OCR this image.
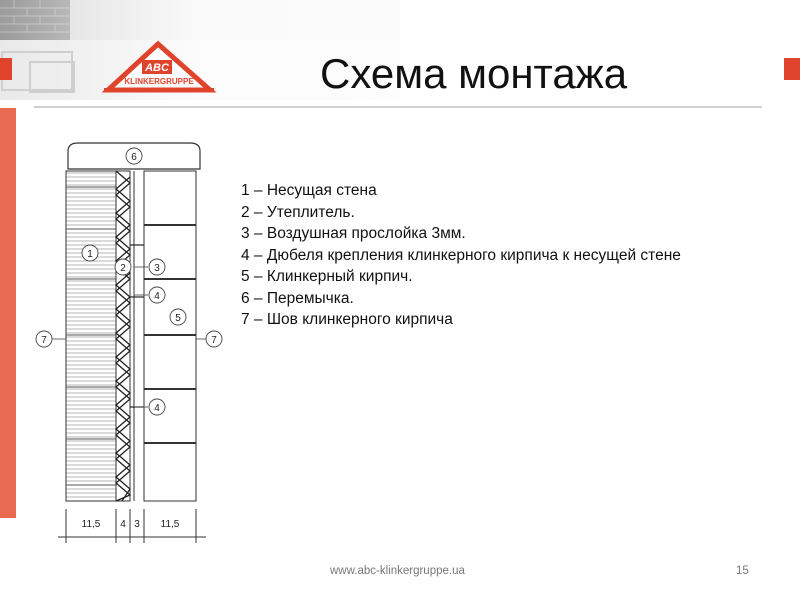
ABC
KLINKERGRUPPE	Схема монтажа
6
1
2	3
4
5
7	7
4
11,5 4 3 11,5
1 – Несущая стена
2 – Утеплитель.
3 – Воздушная прослойка 3мм.
4 – Дюбеля крепления клинкерного кирпича к несущей стене
5 – Клинкерный кирпич.
6 – Перемычка.
7 – Шов клинкерного кирпича
www.abc-klinkergruppe.ua	15
